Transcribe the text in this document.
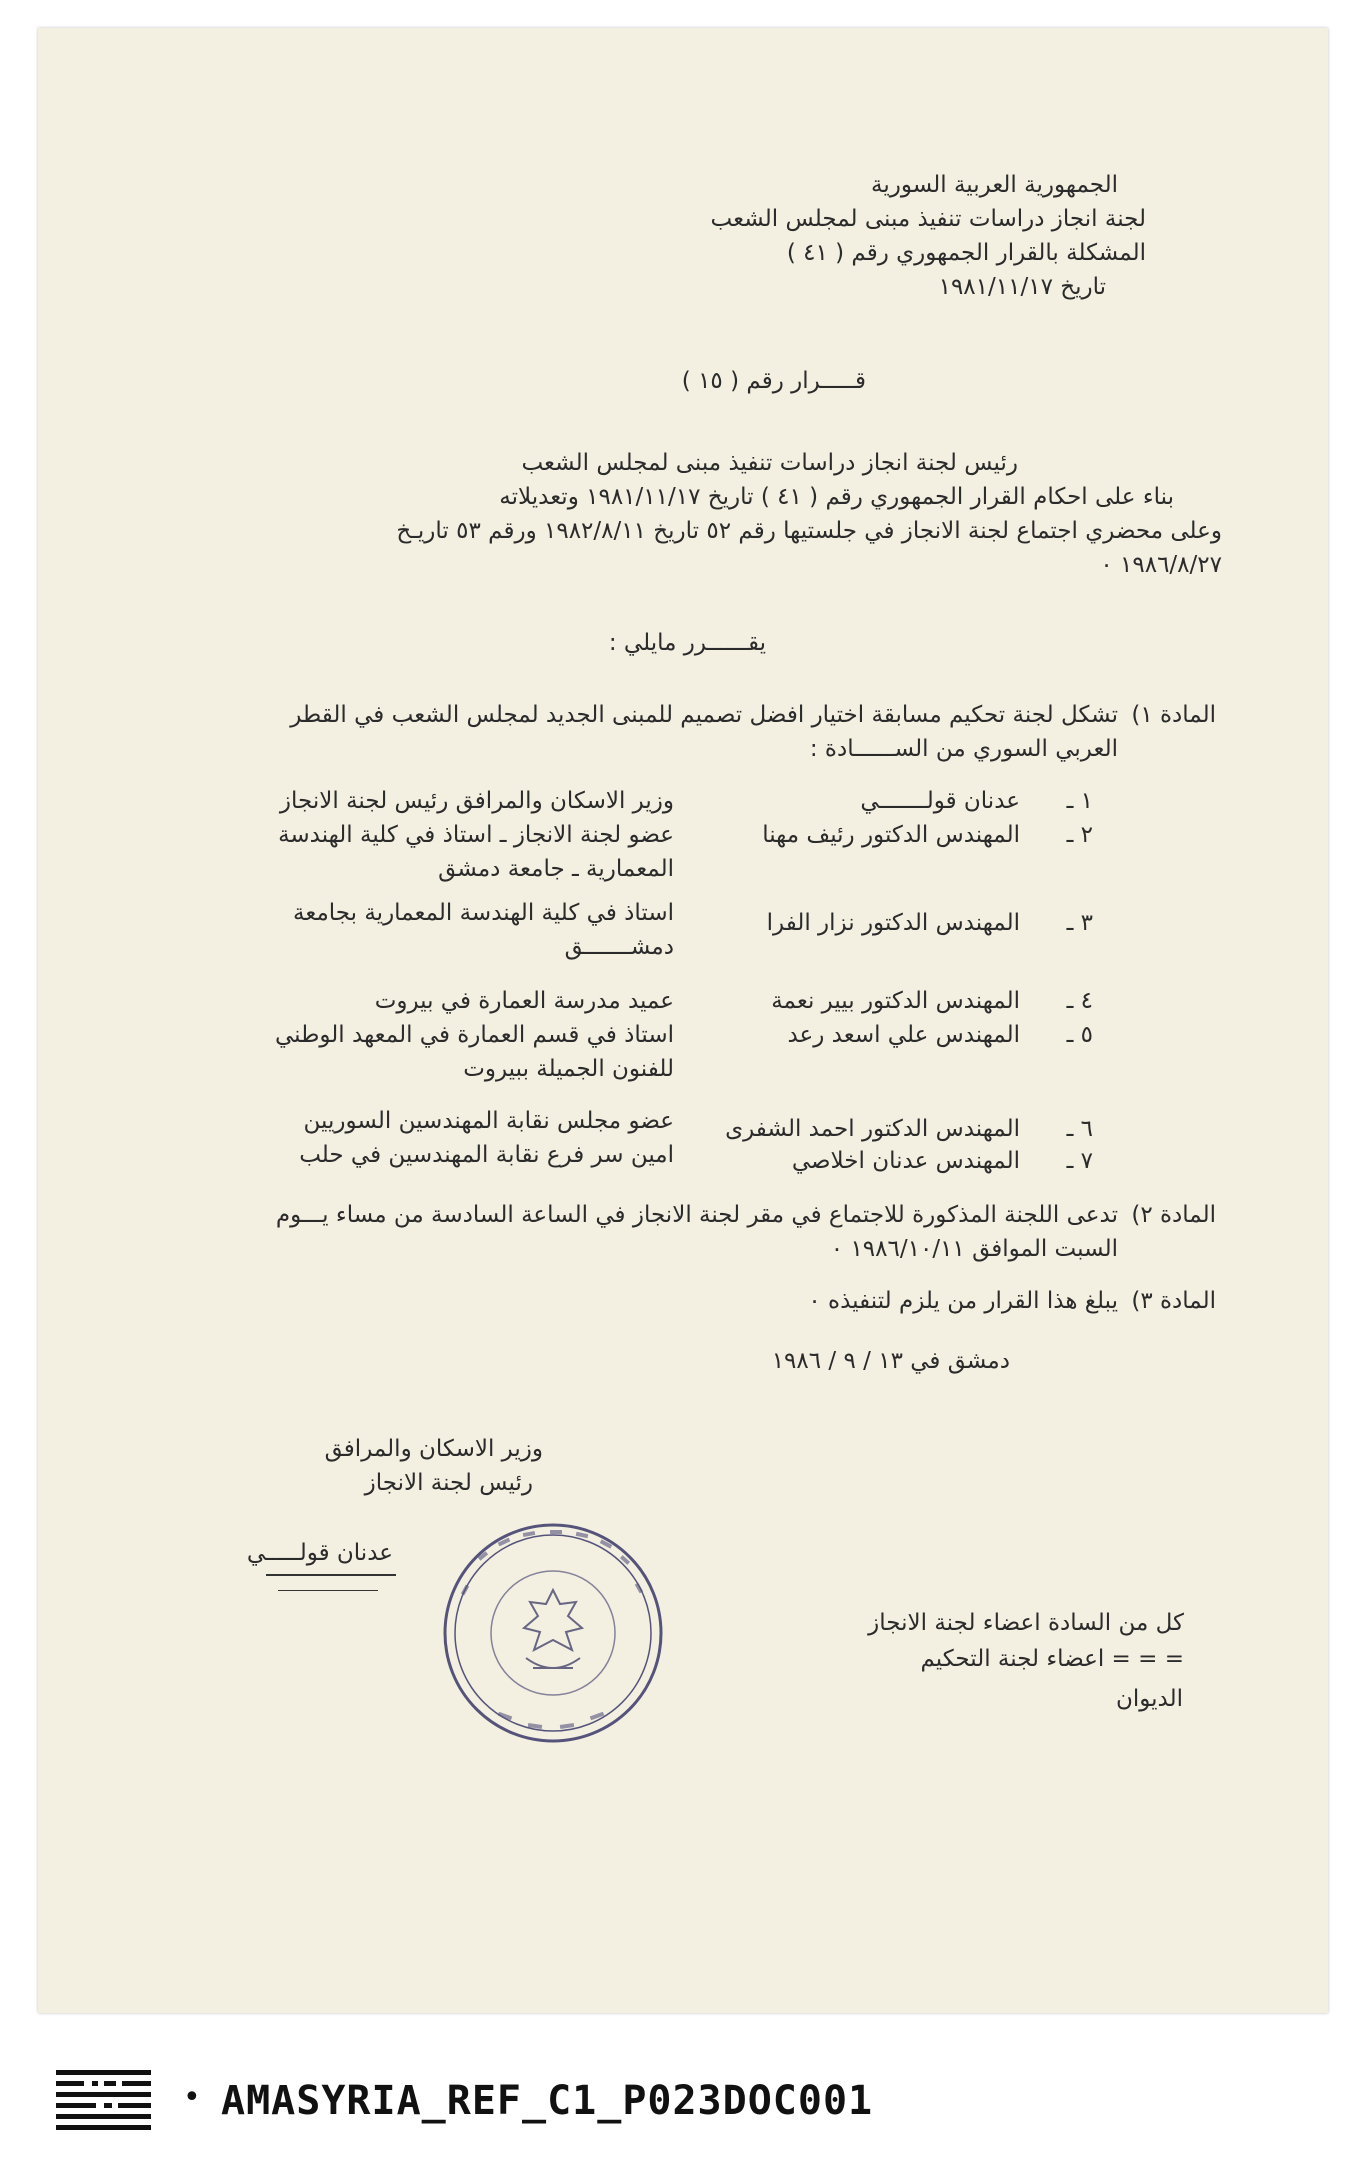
الجمهورية العربية السورية
لجنة انجاز دراسات تنفيذ مبنى لمجلس الشعب
المشكلة بالقرار الجمهوري رقم ( ٤١ )
تاريخ ١٩٨١/١١/١٧
قـــــرار رقم ( ١٥ )
رئيس لجنة انجاز دراسات تنفيذ مبنى لمجلس الشعب
بناء على احكام القرار الجمهوري رقم ( ٤١ ) تاريخ ١٩٨١/١١/١٧ وتعديلاته
وعلى محضري اجتماع لجنة الانجاز في جلستيها رقم ٥٢ تاريخ ١٩٨٢/٨/١١ ورقم ٥٣ تاريـخ
١٩٨٦/٨/٢٧ ٠
يقــــــرر مايلي :
المادة ١)
تشكل لجنة تحكيم مسابقة اختيار افضل تصميم للمبنى الجديد لمجلس الشعب في القطر
العربي السوري من الســــــادة :
١ ـ
عدنان قولـــــــي
وزير الاسكان والمرافق رئيس لجنة الانجاز
٢ ـ
المهندس الدكتور رئيف مهنا
عضو لجنة الانجاز ـ استاذ في كلية الهندسة
المعمارية ـ جامعة دمشق
٣ ـ
المهندس الدكتور نزار الفرا
استاذ في كلية الهندسة المعمارية بجامعة
دمشـــــــق
٤ ـ
المهندس الدكتور بيير نعمة
عميد مدرسة العمارة في بيروت
٥ ـ
المهندس علي اسعد رعد
استاذ في قسم العمارة في المعهد الوطني
للفنون الجميلة ببيروت
٦ ـ
المهندس الدكتور احمد الشفرى
عضو مجلس نقابة المهندسين السوريين
٧ ـ
المهندس عدنان اخلاصي
امين سر فرع نقابة المهندسين في حلب
المادة ٢)
تدعى اللجنة المذكورة للاجتماع في مقر لجنة الانجاز في الساعة السادسة من مساء يـــوم
السبت الموافق ١٩٨٦/١٠/١١ ٠
المادة ٣)
يبلغ هذا القرار من يلزم لتنفيذه ٠
دمشق في ١٣ / ٩ / ١٩٨٦
وزير الاسكان والمرافق
رئيس لجنة الانجاز
عدنان قولـــــي
كل من السادة اعضاء لجنة الانجاز
= = = اعضاء لجنة التحكيم
الديوان
• AMASYRIA_REF_C1_P023DOC001
